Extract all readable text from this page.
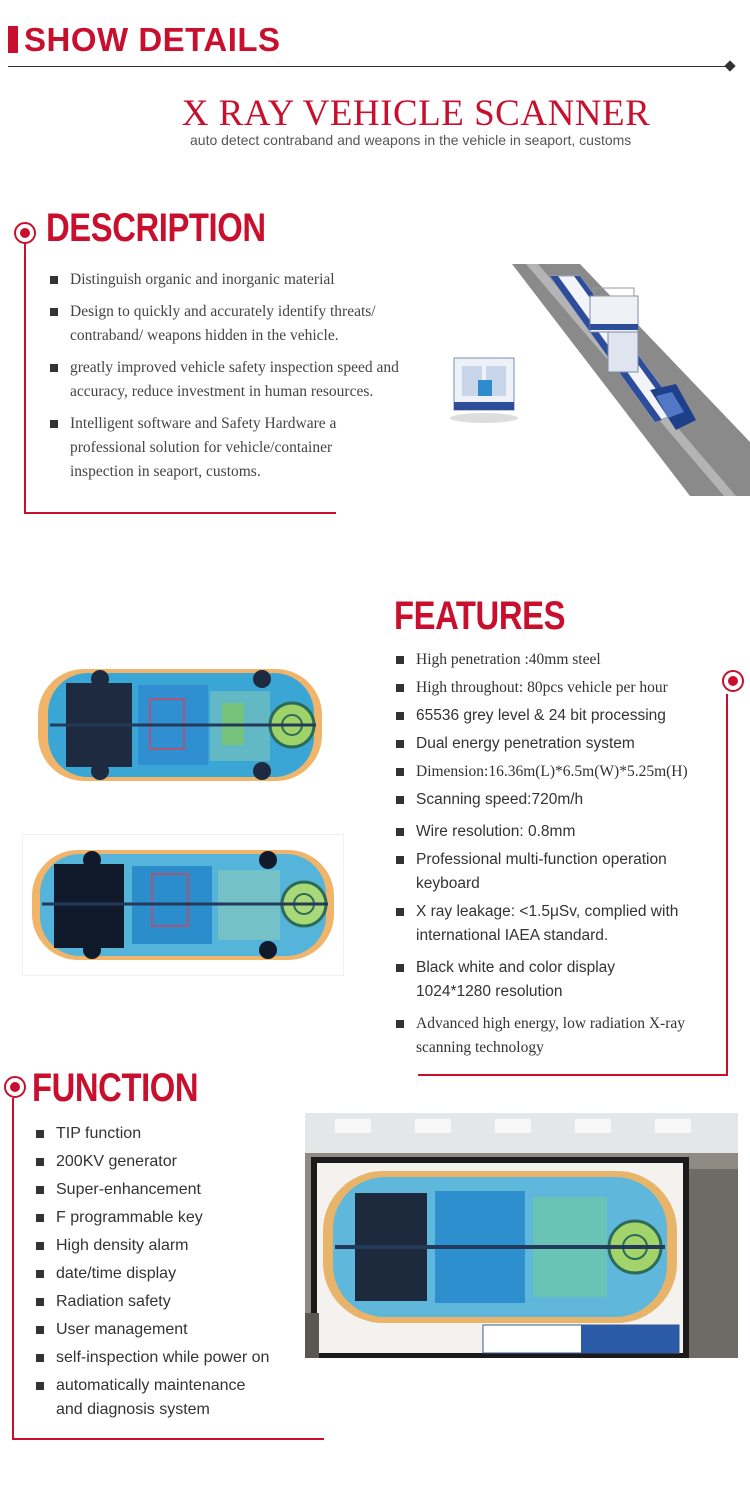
SHOW DETAILS
X RAY VEHICLE SCANNER
auto detect contraband and weapons in the vehicle in seaport, customs
DESCRIPTION
Distinguish organic and inorganic material
Design to quickly and accurately identify threats/ contraband/ weapons hidden in the vehicle.
greatly improved vehicle safety inspection speed and accuracy, reduce investment in human resources.
Intelligent software and Safety Hardware a professional solution for vehicle/container inspection in seaport, customs.
FEATURES
High penetration :40mm steel
High throughout: 80pcs vehicle per hour
65536 grey level & 24 bit processing
Dual energy penetration system
Dimension:16.36m(L)*6.5m(W)*5.25m(H)
Scanning speed:720m/h
Wire resolution: 0.8mm
Professional multi-function operation keyboard
X ray leakage: <1.5μSv, complied with international IAEA standard.
Black white and color display 1024*1280 resolution
Advanced high energy, low radiation X-ray scanning technology
FUNCTION
TIP function
200KV generator
Super-enhancement
F programmable key
High density alarm
date/time display
Radiation safety
User management
self-inspection while power on
automatically maintenance and diagnosis system
